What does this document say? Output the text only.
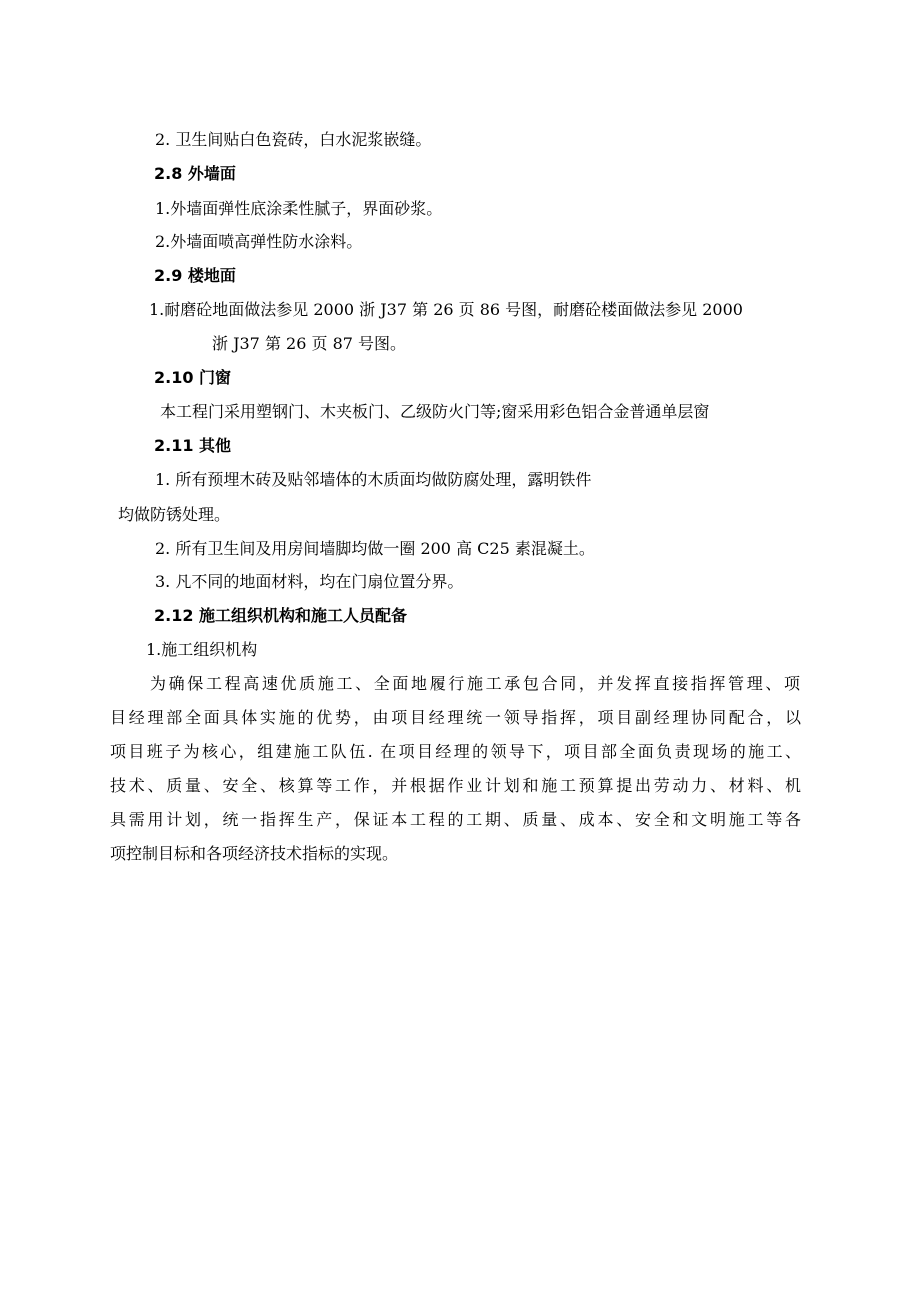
2. 卫生间贴白色瓷砖，白水泥浆嵌缝。
2.8 外墙面
1.外墙面弹性底涂柔性腻子，界面砂浆。
2.外墙面喷高弹性防水涂料。
2.9 楼地面
1.耐磨砼地面做法参见 2000 浙 J37 第 26 页 86 号图，耐磨砼楼面做法参见 2000
浙 J37 第 26 页 87 号图。
2.10 门窗
本工程门采用塑钢门、木夹板门、乙级防火门等;窗采用彩色铝合金普通单层窗
2.11 其他
1. 所有预埋木砖及贴邻墙体的木质面均做防腐处理，露明铁件
均做防锈处理。
2. 所有卫生间及用房间墙脚均做一圈 200 高 C25 素混凝土。
3. 凡不同的地面材料，均在门扇位置分界。
2.12 施工组织机构和施工人员配备
1.施工组织机构
为确保工程高速优质施工、全面地履行施工承包合同，并发挥直接指挥管理、项
目经理部全面具体实施的优势，由项目经理统一领导指挥，项目副经理协同配合，以
项目班子为核心，组建施工队伍. 在项目经理的领导下，项目部全面负责现场的施工、
技术、质量、安全、核算等工作，并根据作业计划和施工预算提出劳动力、材料、机
具需用计划，统一指挥生产，保证本工程的工期、质量、成本、安全和文明施工等各
项控制目标和各项经济技术指标的实现。
